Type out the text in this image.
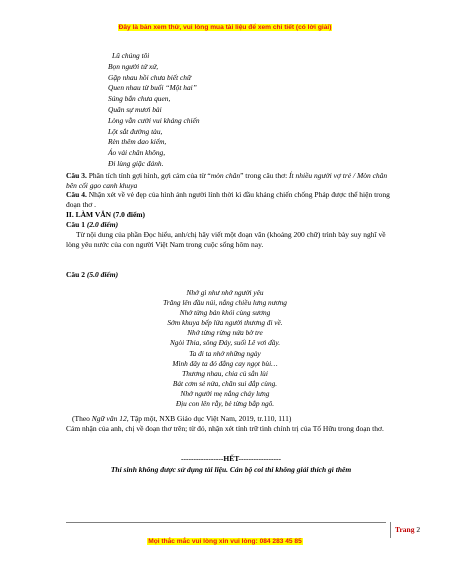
Đây là bản xem thử, vui lòng mua tài liệu để xem chi tiết (có lời giải)
Lũ chúng tôi
Bọn người tứ xứ,
Gặp nhau hồi chưa biết chữ
Quen nhau từ buổi “Một hai”
Súng bắn chưa quen,
Quân sự mươi bài
Lòng vẫn cười vui kháng chiến
Lột sắt đường tàu,
Rèn thêm dao kiếm,
Áo vải chân không,
Đi lùng giặc đánh.
Câu 3. Phân tích tính gợi hình, gợi cảm của từ “mòn chân” trong câu thơ: Ít nhiều người vợ trẻ / Mòn chân bên cối gạo canh khuya
Câu 4. Nhận xét về vẻ đẹp của hình ảnh người lính thời kì đầu kháng chiến chống Pháp được thể hiện trong đoạn thơ .
II. LÀM VĂN (7.0 điểm)
Câu 1 (2.0 điểm)
Từ nội dung của phần Đọc hiểu, anh/chị hãy viết một đoạn văn (khoảng 200 chữ) trình bày suy nghĩ về lòng yêu nước của con người Việt Nam trong cuộc sống hôm nay.
Câu 2 (5.0 điểm)
Nhớ gì như nhớ người yêu
Trăng lên đầu núi, nắng chiều lưng nương
Nhớ từng bản khói cùng sương
Sớm khuya bếp lửa người thương đi về.
Nhớ từng rừng nứa bờ tre
Ngòi Thia, sông Đáy, suối Lê vơi đầy.
Ta đi ta nhớ những ngày
Mình đây ta đó đắng cay ngọt bùi…
Thương nhau, chia củ sắn lùi
Bát cơm sẻ nửa, chăn sui đắp cùng.
Nhớ người mẹ nắng cháy lưng
Địu con lên rẫy, bẻ từng bắp ngô.
(Theo Ngữ văn 12, Tập một, NXB Giáo dục Việt Nam, 2019, tr.110, 111)
Cảm nhận của anh, chị về đoạn thơ trên; từ đó, nhận xét tính trữ tình chính trị của Tố Hữu trong đoạn thơ.
-----------------HẾT-----------------
Thí sinh không được sử dụng tài liệu. Cán bộ coi thi không giải thích gì thêm
Trang 2
Mọi thắc mắc vui lòng xin vui lòng: 084 283 45 85
